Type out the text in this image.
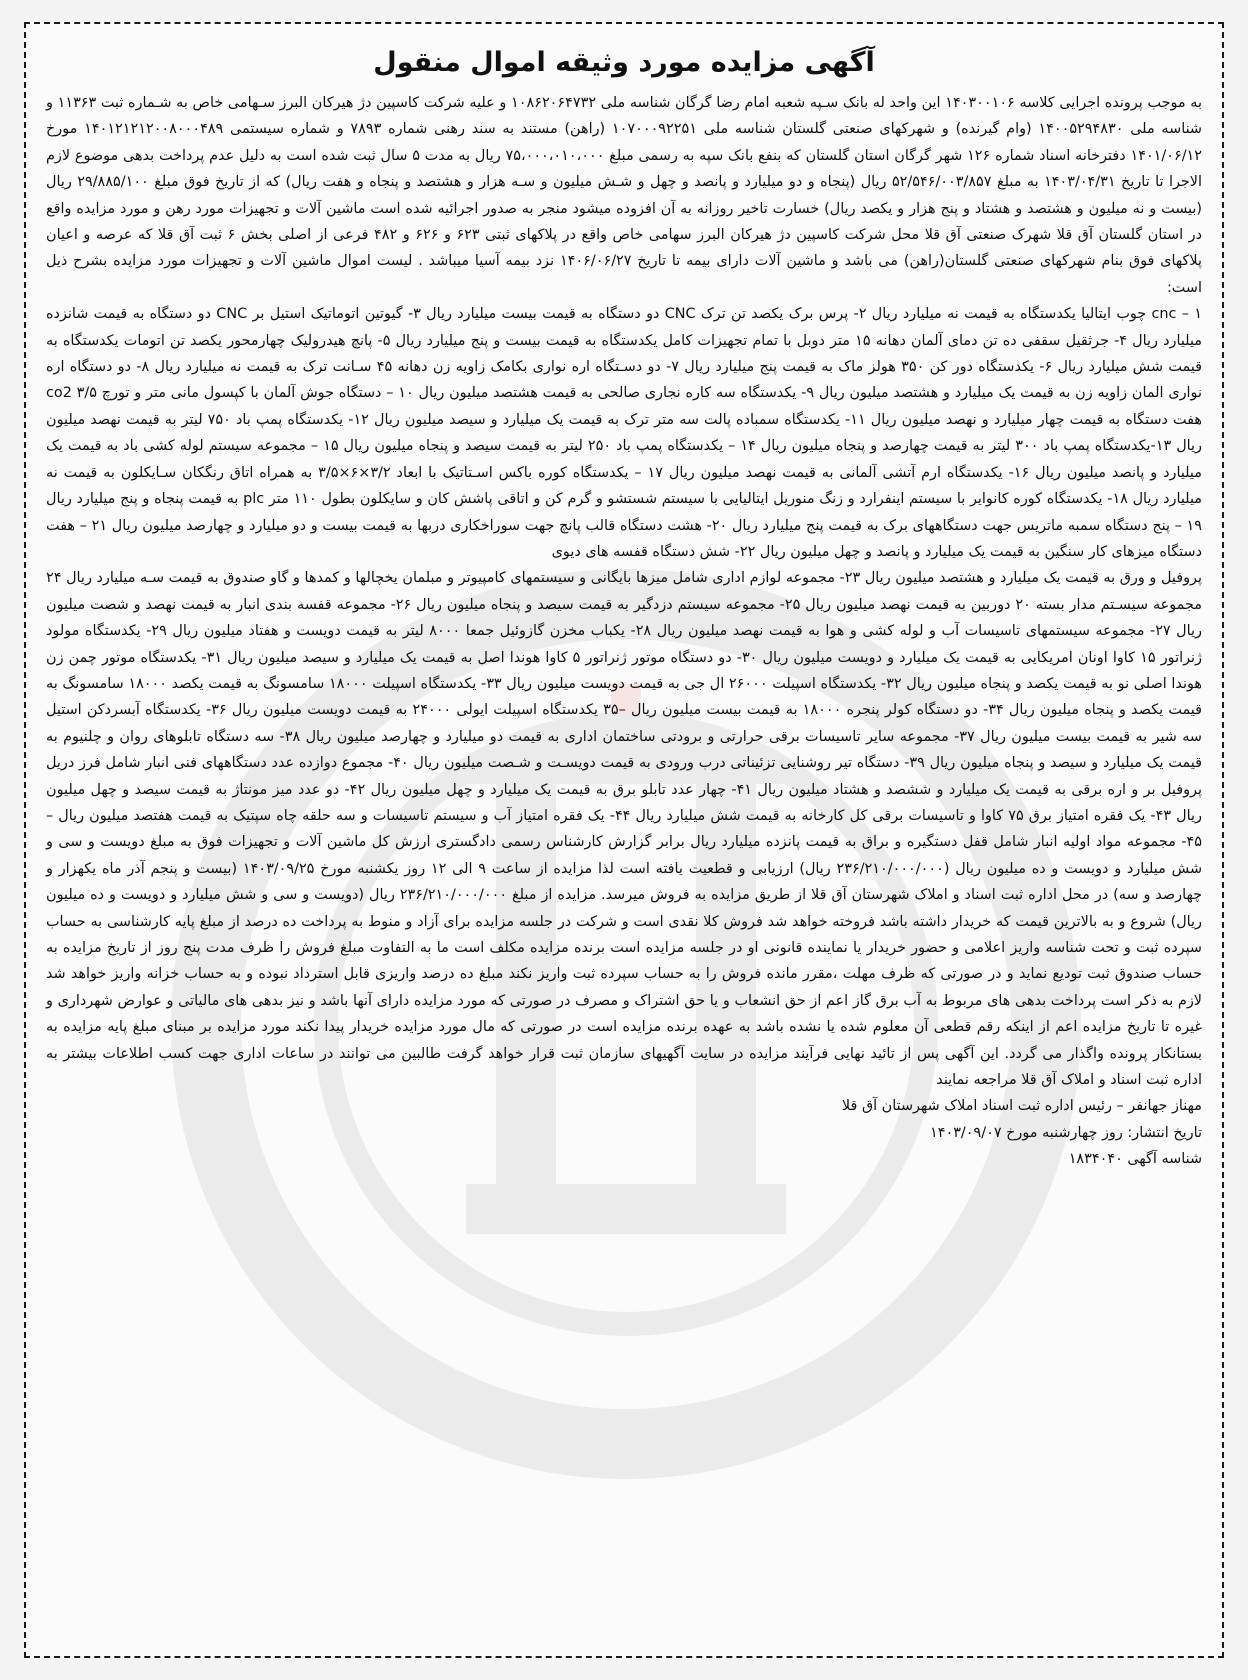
آگهی مزایده مورد وثیقه اموال منقول

به موجب پرونده اجرایی کلاسه ۱۴۰۳۰۰۱۰۶ این واحد له بانک سـپه شعبه امام رضا گرگان شناسه ملی ۱۰۸۶۲۰۶۴۷۳۲ و علیه شرکت کاسپین دژ هیرکان البرز سـهامی خاص به شـماره ثبت ۱۱۳۶۳ و شناسه ملی ۱۴۰۰۵۲۹۴۸۳۰ (وام گیرنده) و شهرکهای صنعتی گلستان شناسه ملی ۱۰۷۰۰۰۹۲۲۵۱ (راهن) مستند به سند رهنی شماره ۷۸۹۳ و شماره سیستمی ۱۴۰۱۲۱۲۱۲۰۰۸۰۰۰۴۸۹ مورخ ۱۴۰۱/۰۶/۱۲ دفترخانه اسناد شماره ۱۲۶ شهر گرگان استان گلستان که بنفع بانک سپه به رسمی مبلغ ۷۵،۰۰۰،۰۱۰،۰۰۰ ریال به مدت ۵ سال ثبت شده است به دلیل عدم پرداخت بدهی موضوع لازم الاجرا تا تاریخ ۱۴۰۳/۰۴/۳۱ به مبلغ ۵۲/۵۴۶/۰۰۳/۸۵۷ ریال (پنجاه و دو میلیارد و پانصد و چهل و شـش میلیون و سـه هزار و هشتصد و پنجاه و هفت ریال) که از تاریخ فوق مبلغ ۲۹/۸۸۵/۱۰۰ ریال (بیست و نه میلیون و هشتصد و هشتاد و پنج هزار و یکصد ریال) خسارت تاخیر روزانه به آن افزوده میشود منجر به صدور اجرائیه شده است ماشین آلات و تجهیزات مورد رهن و مورد مزایده واقع در استان گلستان آق قلا شهرک صنعتی آق قلا محل شرکت کاسپین دژ هیرکان البرز سهامی خاص واقع در پلاکهای ثبتی ۶۲۳ و ۶۲۶ و ۴۸۲ فرعی از اصلی بخش ۶ ثبت آق قلا که عرصه و اعیان پلاکهای فوق بنام شهرکهای صنعتی گلستان(راهن) می باشد و ماشین آلات دارای بیمه تا تاریخ ۱۴۰۶/۰۶/۲۷ نزد بیمه آسیا میباشد . لیست اموال ماشین آلات و تجهیزات مورد مزایده بشرح ذیل است:

۱ – cnc چوب ایتالیا یکدستگاه به قیمت نه میلیارد ریال ۲- پرس برک یکصد تن ترک CNC دو دستگاه به قیمت بیست میلیارد ریال ۳- گیوتین اتوماتیک استیل بر CNC دو دستگاه به قیمت شانزده میلیارد ریال ۴- جرثقیل سقفی ده تن دمای آلمان دهانه ۱۵ متر دوبل با تمام تجهیزات کامل یکدستگاه به قیمت بیست و پنج میلیارد ریال ۵- پانچ هیدرولیک چهارمحور یکصد تن اتومات یکدستگاه به قیمت شش میلیارد ریال ۶- یکدستگاه دور کن ۳۵۰ هولز ماک به قیمت پنج میلیارد ریال ۷- دو دسـتگاه اره نواری بکامک زاویه زن دهانه ۴۵ سـانت ترک به قیمت نه میلیارد ریال ۸- دو دستگاه اره نواری المان زاویه زن به قیمت یک میلیارد و هشتصد میلیون ریال ۹- یکدستگاه سه کاره نجاری صالحی به قیمت هشتصد میلیون ریال ۱۰ – دستگاه جوش آلمان با کپسول مانی متر و تورچ co2 ۳/۵ هفت دستگاه به قیمت چهار میلیارد و نهصد میلیون ریال ۱۱- یکدستگاه سمباده پالت سه متر ترک به قیمت یک میلیارد و سیصد میلیون ریال ۱۲- یکدستگاه پمپ باد ۷۵۰ لیتر به قیمت نهصد میلیون ریال ۱۳-یکدستگاه پمپ باد ۳۰۰ لیتر به قیمت چهارصد و پنجاه میلیون ریال ۱۴ – یکدستگاه پمپ باد ۲۵۰ لیتر به قیمت سیصد و پنجاه میلیون ریال ۱۵ – مجموعه سیستم لوله کشی باد به قیمت یک میلیارد و پانصد میلیون ریال ۱۶- یکدستگاه ارم آتشی آلمانی به قیمت نهصد میلیون ریال ۱۷ – یکدستگاه کوره باکس اسـتاتیک با ابعاد ۳/۲×۶×۳/۵ به همراه اتاق رنگکان سـایکلون به قیمت نه میلیارد ریال ۱۸- یکدستگاه کوره کانوایر با سیستم اینفرارد و زنگ منوریل ایتالیایی با سیستم شستشو و گرم کن و اتاقی پاشش کان و سایکلون بطول ۱۱۰ متر plc به قیمت پنجاه و پنج میلیارد ریال ۱۹ – پنج دستگاه سمبه ماتریس جهت دستگاههای برک به قیمت پنج میلیارد ریال ۲۰- هشت دستگاه قالب پانچ جهت سوراخکاری دربها به قیمت بیست و دو میلیارد و چهارصد میلیون ریال ۲۱ – هفت دستگاه میزهای کار سنگین به قیمت یک میلیارد و پانصد و چهل میلیون ریال ۲۲- شش دستگاه قفسه های دیوی

پروفیل و ورق به قیمت یک میلیارد و هشتصد میلیون ریال ۲۳- مجموعه لوازم اداری شامل میزها بایگانی و سیستمهای کامپیوتر و مبلمان یخچالها و کمدها و گاو صندوق به قیمت سـه میلیارد ریال ۲۴ مجموعه سیسـتم مدار بسته ۲۰ دوربین به قیمت نهصد میلیون ریال ۲۵- مجموعه سیستم دزدگیر به قیمت سیصد و پنجاه میلیون ریال ۲۶- مجموعه قفسه بندی انبار به قیمت نهصد و شصت میلیون ریال ۲۷- مجموعه سیستمهای تاسیسات آب و لوله کشی و هوا به قیمت نهصد میلیون ریال ۲۸- یکباب مخزن گازوئیل جمعا ۸۰۰۰ لیتر به قیمت دویست و هفتاد میلیون ریال ۲۹- یکدستگاه مولود ژنراتور ۱۵ کاوا اونان امریکایی به قیمت یک میلیارد و دویست میلیون ریال ۳۰- دو دستگاه موتور ژنراتور ۵ کاوا هوندا اصل به قیمت یک میلیارد و سیصد میلیون ریال ۳۱- یکدستگاه موتور چمن زن هوندا اصلی نو به قیمت یکصد و پنجاه میلیون ریال ۳۲- یکدستگاه اسپیلت ۲۶۰۰۰ ال جی به قیمت دویست میلیون ریال ۳۳- یکدستگاه اسپیلت ۱۸۰۰۰ سامسونگ به قیمت یکصد ۱۸۰۰۰ سامسونگ به قیمت یکصد و پنجاه میلیون ریال ۳۴- دو دستگاه کولر پنجره ۱۸۰۰۰ به قیمت بیست میلیون ریال –۳۵ یکدستگاه اسپیلت ایولی ۲۴۰۰۰ به قیمت دویست میلیون ریال ۳۶- یکدستگاه آبسردکن استیل سه شیر به قیمت بیست میلیون ریال ۳۷- مجموعه سایر تاسیسات برقی حرارتی و برودتی ساختمان اداری به قیمت دو میلیارد و چهارصد میلیون ریال ۳۸- سه دستگاه تابلوهای روان و چلنیوم به قیمت یک میلیارد و سیصد و پنجاه میلیون ریال ۳۹- دستگاه تیر روشنایی تزئیناتی درب ورودی به قیمت دویسـت و شـصت میلیون ریال ۴۰- مجموع دوازده عدد دستگاههای فنی انبار شامل فرز دریل پروفیل بر و اره برقی به قیمت یک میلیارد و ششصد و هشتاد میلیون ریال ۴۱- چهار عدد تابلو برق به قیمت یک میلیارد و چهل میلیون ریال ۴۲- دو عدد میز مونتاژ به قیمت سیصد و چهل میلیون ریال ۴۳- یک فقره امتیاز برق ۷۵ کاوا و تاسیسات برقی کل کارخانه به قیمت شش میلیارد ریال ۴۴- یک فقره امتیاز آب و سیستم تاسیسات و سه حلقه چاه سپتیک به قیمت هفتصد میلیون ریال –۴۵- مجموعه مواد اولیه انبار شامل قفل دستگیره و براق به قیمت پانزده میلیارد ریال برابر گزارش کارشناس رسمی دادگستری ارزش کل ماشین آلات و تجهیزات فوق به مبلغ دویست و سی و شش میلیارد و دویست و ده میلیون ریال (۲۳۶/۲۱۰/۰۰۰/۰۰۰ ریال) ارزیابی و قطعیت یافته است لذا مزایده از ساعت ۹ الی ۱۲ روز یکشنبه مورخ ۱۴۰۳/۰۹/۲۵ (بیست و پنجم آذر ماه یکهزار و چهارصد و سه) در محل اداره ثبت اسناد و املاک شهرستان آق قلا از طریق مزایده به فروش میرسد. مزایده از مبلغ ۲۳۶/۲۱۰/۰۰۰/۰۰۰ ریال (دویست و سی و شش میلیارد و دویست و ده میلیون ریال) شروع و به بالاترین قیمت که خریدار داشته باشد فروخته خواهد شد فروش کلا نقدی است و شرکت در جلسه مزایده برای آزاد و منوط به پرداخت ده درصد از مبلغ پایه کارشناسی به حساب سپرده ثبت و تحت شناسه واریز اعلامی و حضور خریدار یا نماینده قانونی او در جلسه مزایده است برنده مزایده مکلف است ما به التفاوت مبلغ فروش را ظرف مدت پنج روز از تاریخ مزایده به حساب صندوق ثبت تودیع نماید و در صورتی که ظرف مهلت ،مقرر مانده فروش را به حساب سپرده ثبت واریز نکند مبلغ ده درصد واریزی قابل استرداد نبوده و به حساب خزانه واریز خواهد شد لازم به ذکر است پرداخت بدهی های مربوط به آب برق گاز اعم از حق انشعاب و یا حق اشتراک و مصرف در صورتی که مورد مزایده دارای آنها باشد و نیز بدهی های مالیاتی و عوارض شهرداری و غیره تا تاریخ مزایده اعم از اینکه رقم قطعی آن معلوم شده یا نشده باشد به عهده برنده مزایده است در صورتی که مال مورد مزایده خریدار پیدا نکند مورد مزایده بر مبنای مبلغ پایه مزایده به بستانکار پرونده واگذار می گردد. این آگهی پس از تائید نهایی فرآیند مزایده در سایت آگهیهای سازمان ثبت قرار خواهد گرفت طالبین می توانند در ساعات اداری جهت کسب اطلاعات بیشتر به اداره ثبت اسناد و املاک آق قلا مراجعه نمایند

مهناز جهانفر – رئیس اداره ثبت اسناد املاک شهرستان آق قلا

تاریخ انتشار: روز چهارشنبه مورخ ۱۴۰۳/۰۹/۰۷

شناسه آگهی ۱۸۳۴۰۴۰
